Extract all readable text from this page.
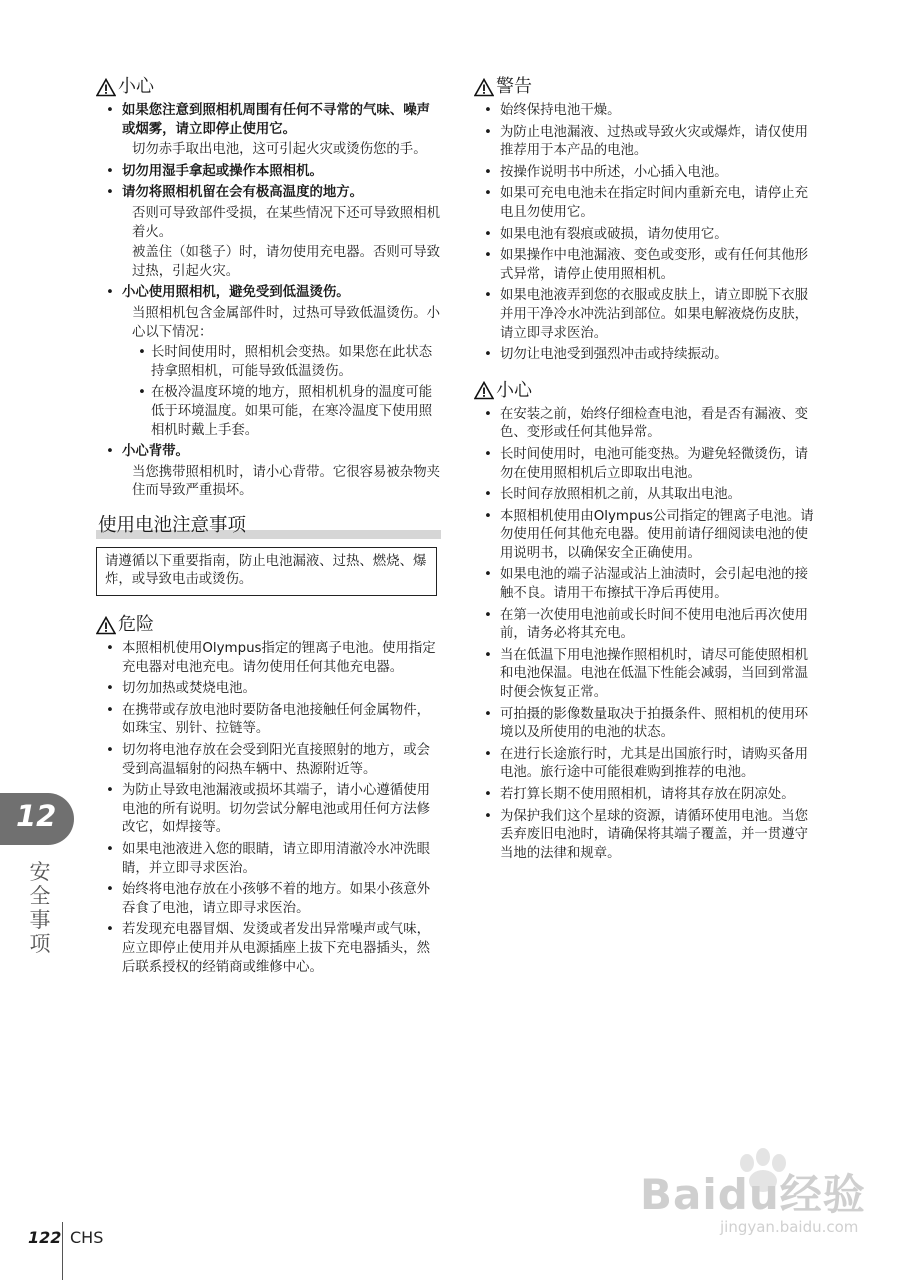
小心
• 如果您注意到照相机周围有任何不寻常的气味、噪声或烟雾，请立即停止使用它。
切勿赤手取出电池，这可引起火灾或烫伤您的手。
• 切勿用湿手拿起或操作本照相机。
• 请勿将照相机留在会有极高温度的地方。
否则可导致部件受损，在某些情况下还可导致照相机着火。
被盖住（如毯子）时，请勿使用充电器。否则可导致过热，引起火灾。
• 小心使用照相机，避免受到低温烫伤。
当照相机包含金属部件时，过热可导致低温烫伤。小心以下情况：
• 长时间使用时，照相机会变热。如果您在此状态持拿照相机，可能导致低温烫伤。
• 在极冷温度环境的地方，照相机机身的温度可能低于环境温度。如果可能，在寒冷温度下使用照相机时戴上手套。
• 小心背带。
当您携带照相机时，请小心背带。它很容易被杂物夹住而导致严重损坏。
使用电池注意事项
请遵循以下重要指南，防止电池漏液、过热、燃烧、爆炸，或导致电击或烫伤。
危险
• 本照相机使用Olympus指定的锂离子电池。使用指定充电器对电池充电。请勿使用任何其他充电器。
• 切勿加热或焚烧电池。
• 在携带或存放电池时要防备电池接触任何金属物件，如珠宝、别针、拉链等。
• 切勿将电池存放在会受到阳光直接照射的地方，或会受到高温辐射的闷热车辆中、热源附近等。
• 为防止导致电池漏液或损坏其端子，请小心遵循使用电池的所有说明。切勿尝试分解电池或用任何方法修改它，如焊接等。
• 如果电池液进入您的眼睛，请立即用清澈冷水冲洗眼睛，并立即寻求医治。
• 始终将电池存放在小孩够不着的地方。如果小孩意外吞食了电池，请立即寻求医治。
• 若发现充电器冒烟、发烫或者发出异常噪声或气味，应立即停止使用并从电源插座上拔下充电器插头，然后联系授权的经销商或维修中心。
警告
• 始终保持电池干燥。
• 为防止电池漏液、过热或导致火灾或爆炸，请仅使用推荐用于本产品的电池。
• 按操作说明书中所述，小心插入电池。
• 如果可充电电池未在指定时间内重新充电，请停止充电且勿使用它。
• 如果电池有裂痕或破损，请勿使用它。
• 如果操作中电池漏液、变色或变形，或有任何其他形式异常，请停止使用照相机。
• 如果电池液弄到您的衣服或皮肤上，请立即脱下衣服并用干净冷水冲洗沾到部位。如果电解液烧伤皮肤，请立即寻求医治。
• 切勿让电池受到强烈冲击或持续振动。
小心
• 在安装之前，始终仔细检查电池，看是否有漏液、变色、变形或任何其他异常。
• 长时间使用时，电池可能变热。为避免轻微烫伤，请勿在使用照相机后立即取出电池。
• 长时间存放照相机之前，从其取出电池。
• 本照相机使用由Olympus公司指定的锂离子电池。请勿使用任何其他充电器。使用前请仔细阅读电池的使用说明书，以确保安全正确使用。
• 如果电池的端子沾湿或沾上油渍时，会引起电池的接触不良。请用干布擦拭干净后再使用。
• 在第一次使用电池前或长时间不使用电池后再次使用前，请务必将其充电。
• 当在低温下用电池操作照相机时，请尽可能使照相机和电池保温。电池在低温下性能会减弱，当回到常温时便会恢复正常。
• 可拍摄的影像数量取决于拍摄条件、照相机的使用环境以及所使用的电池的状态。
• 在进行长途旅行时，尤其是出国旅行时，请购买备用电池。旅行途中可能很难购到推荐的电池。
• 若打算长期不使用照相机，请将其存放在阴凉处。
• 为保护我们这个星球的资源，请循环使用电池。当您丢弃废旧电池时，请确保将其端子覆盖，并一贯遵守当地的法律和规章。
12
安全事项
122 CHS
Baidu经验
jingyan.baidu.com
